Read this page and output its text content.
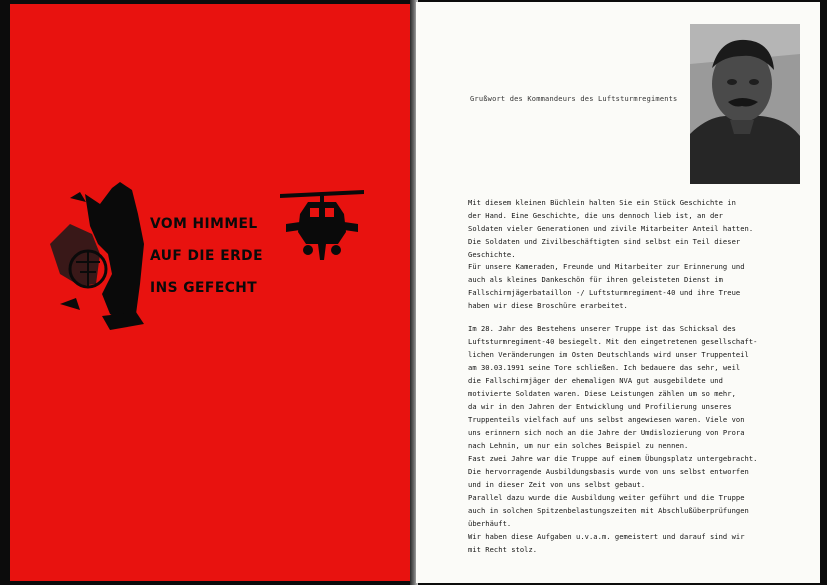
VOM HIMMEL
AUF DIE ERDE
INS GEFECHT
Grußwort des Kommandeurs des Luftsturmregiments
Mit diesem kleinen Büchlein halten Sie ein Stück Geschichte in
der Hand. Eine Geschichte, die uns dennoch lieb ist, an der
Soldaten vieler Generationen und zivile Mitarbeiter Anteil hatten.
Die Soldaten und Zivilbeschäftigten sind selbst ein Teil dieser
Geschichte.
Für unsere Kameraden, Freunde und Mitarbeiter zur Erinnerung und
auch als kleines Dankeschön für ihren geleisteten Dienst im
Fallschirmjägerbataillon -/ Luftsturmregiment-40 und ihre Treue
haben wir diese Broschüre erarbeitet.
Im 28. Jahr des Bestehens unserer Truppe ist das Schicksal des
Luftsturmregiment-40 besiegelt. Mit den eingetretenen gesellschaft-
lichen Veränderungen im Osten Deutschlands wird unser Truppenteil
am 30.03.1991 seine Tore schließen. Ich bedauere das sehr, weil
die Fallschirmjäger der ehemaligen NVA gut ausgebildete und
motivierte Soldaten waren. Diese Leistungen zählen um so mehr,
da wir in den Jahren der Entwicklung und Profilierung unseres
Truppenteils vielfach auf uns selbst angewiesen waren. Viele von
uns erinnern sich noch an die Jahre der Umdislozierung von Prora
nach Lehnin, um nur ein solches Beispiel zu nennen.
Fast zwei Jahre war die Truppe auf einem Übungsplatz untergebracht.
Die hervorragende Ausbildungsbasis wurde von uns selbst entworfen
und in dieser Zeit von uns selbst gebaut.
Parallel dazu wurde die Ausbildung weiter geführt und die Truppe
auch in solchen Spitzenbelastungszeiten mit Abschlußüberprüfungen
überhäuft.
Wir haben diese Aufgaben u.v.a.m. gemeistert und darauf sind wir
mit Recht stolz.
